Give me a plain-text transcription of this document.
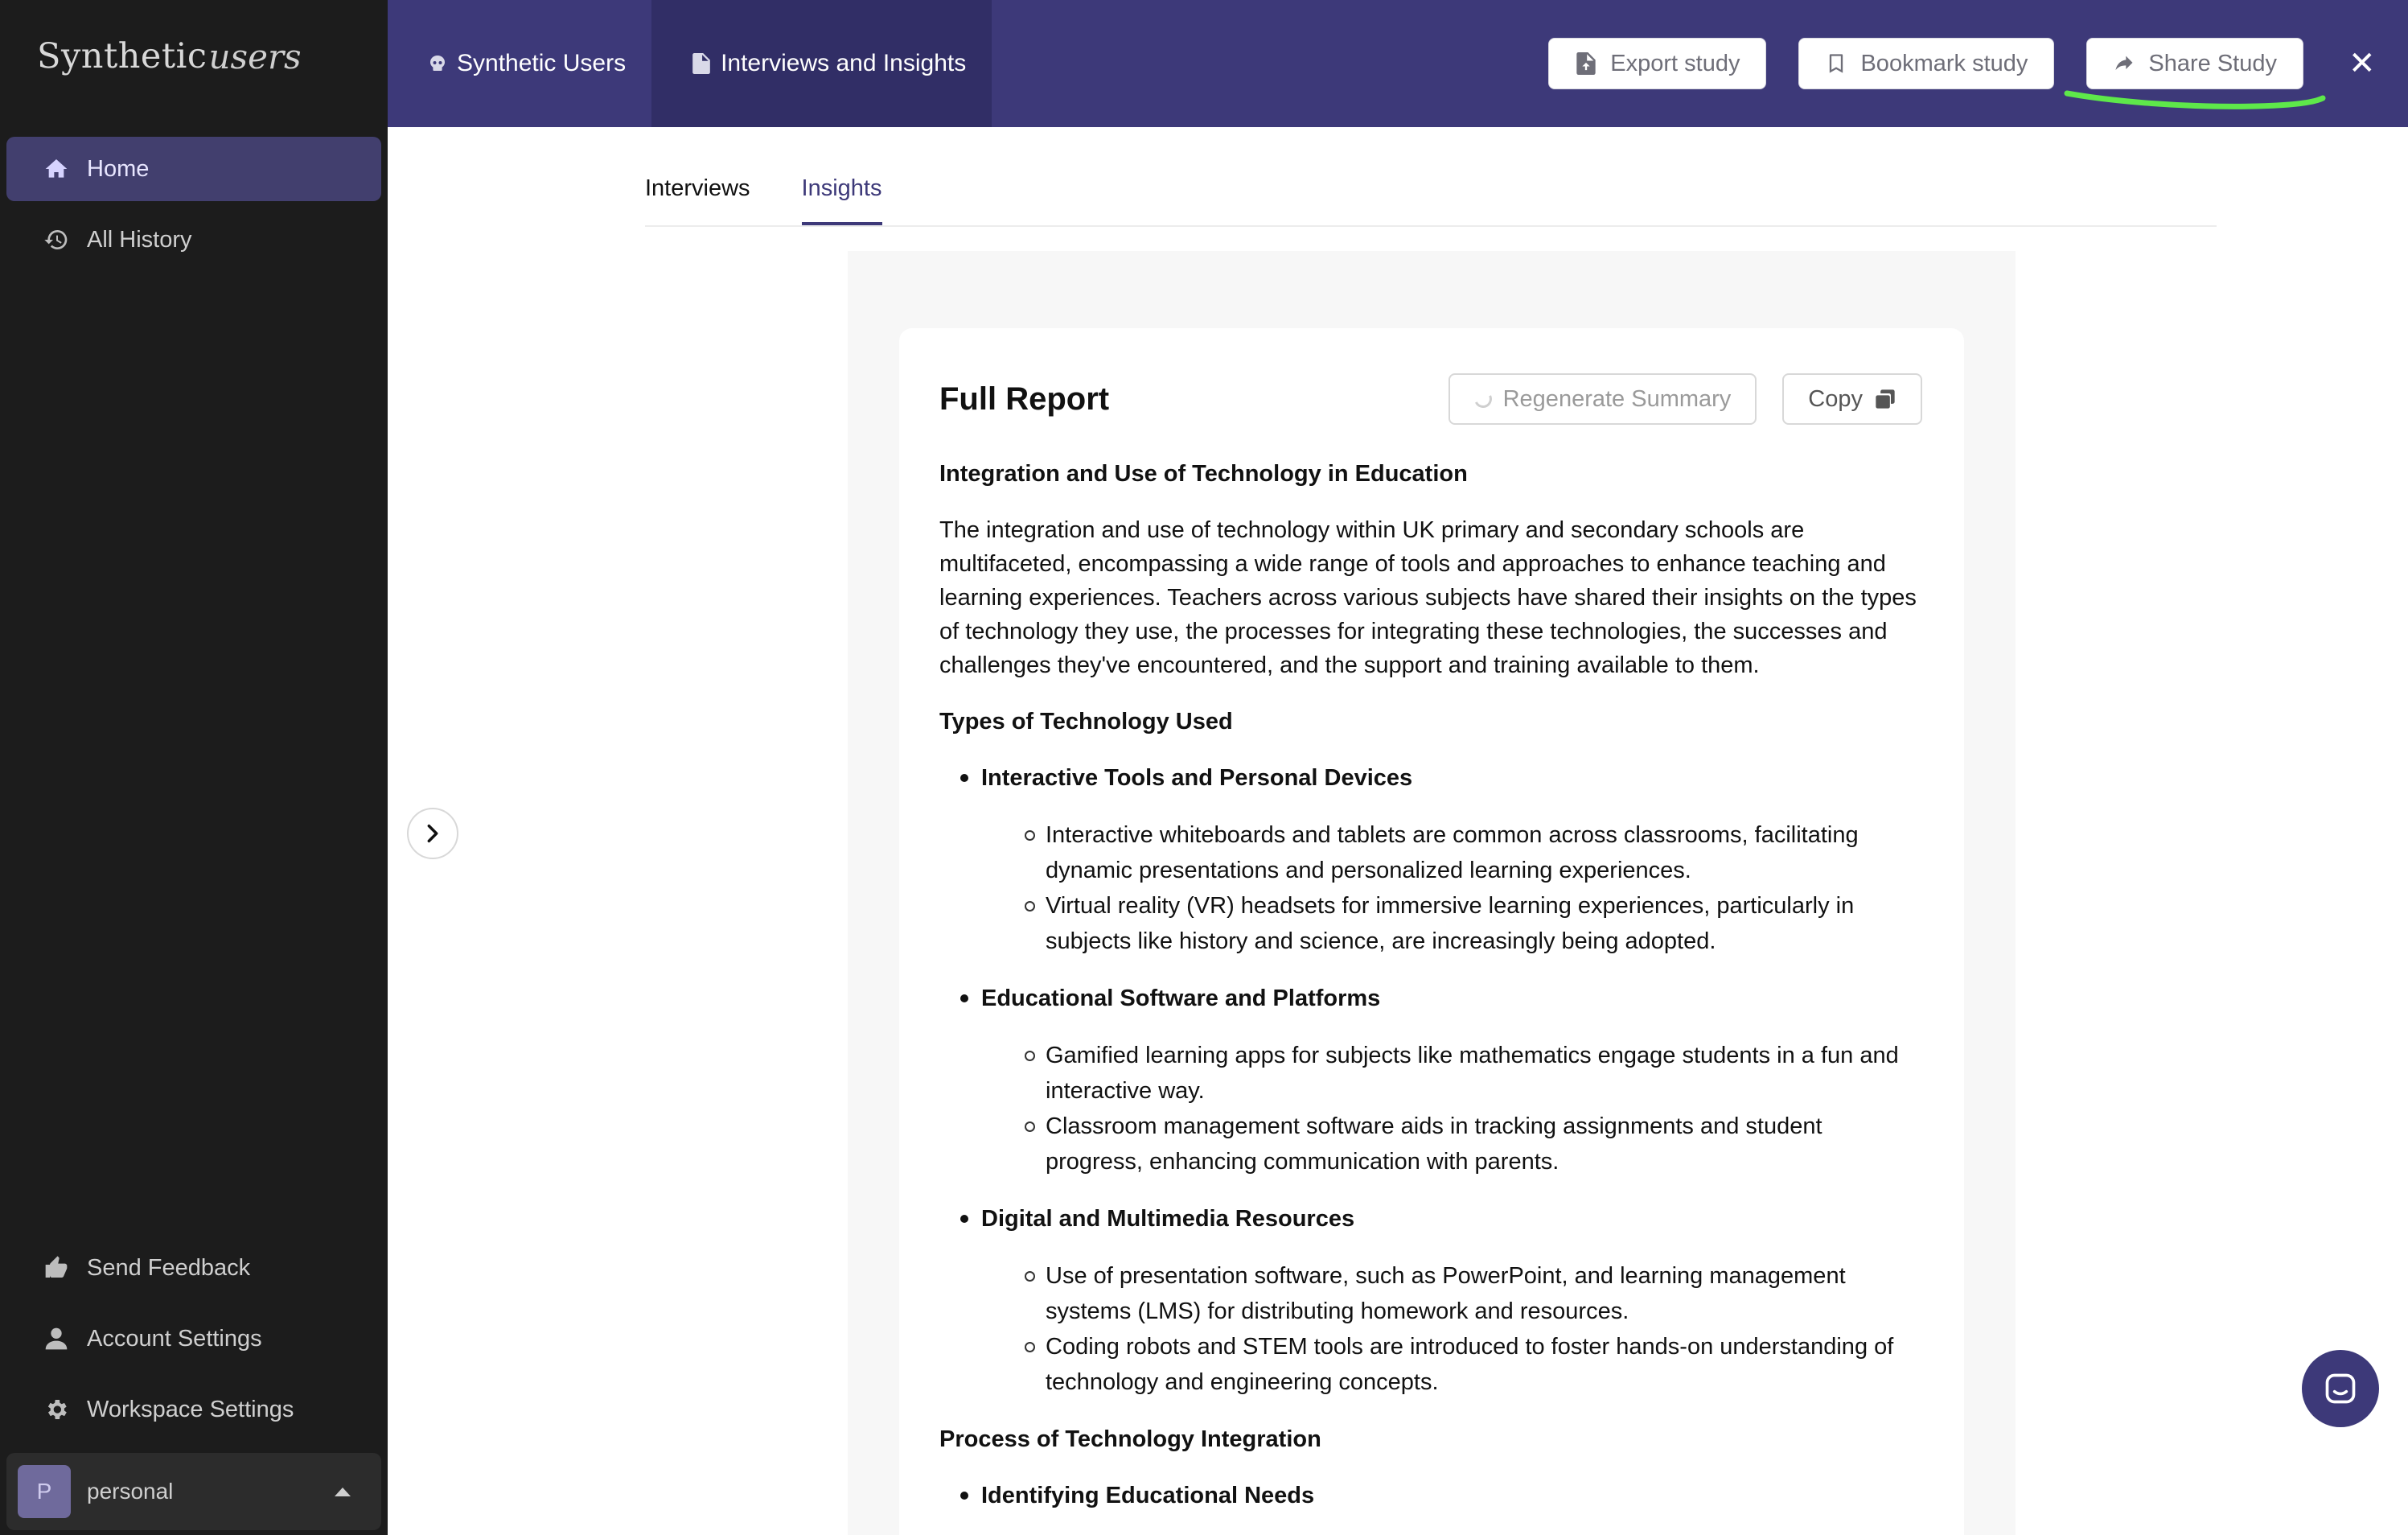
Synthetic users
Home
All History
Send Feedback
Account Settings
Workspace Settings
P	personal
Synthetic Users	Interviews and Insights	Export study	Bookmark study	Share Study ✕
Interviews Insights
Full Report	Regenerate Summary	Copy
Integration and Use of Technology in Education

The integration and use of technology within UK primary and secondary schools are multifaceted, encompassing a wide range of tools and approaches to enhance teaching and learning experiences. Teachers across various subjects have shared their insights on the types of technology they use, the processes for integrating these technologies, the successes and challenges they've encountered, and the support and training available to them.

Types of Technology Used
Interactive Tools and Personal Devices
Interactive whiteboards and tablets are common across classrooms, facilitating dynamic presentations and personalized learning experiences.
Virtual reality (VR) headsets for immersive learning experiences, particularly in subjects like history and science, are increasingly being adopted.
Educational Software and Platforms
Gamified learning apps for subjects like mathematics engage students in a fun and interactive way.
Classroom management software aids in tracking assignments and student progress, enhancing communication with parents.
Digital and Multimedia Resources
Use of presentation software, such as PowerPoint, and learning management systems (LMS) for distributing homework and resources.
Coding robots and STEM tools are introduced to foster hands-on understanding of technology and engineering concepts.
Process of Technology Integration
Identifying Educational Needs
